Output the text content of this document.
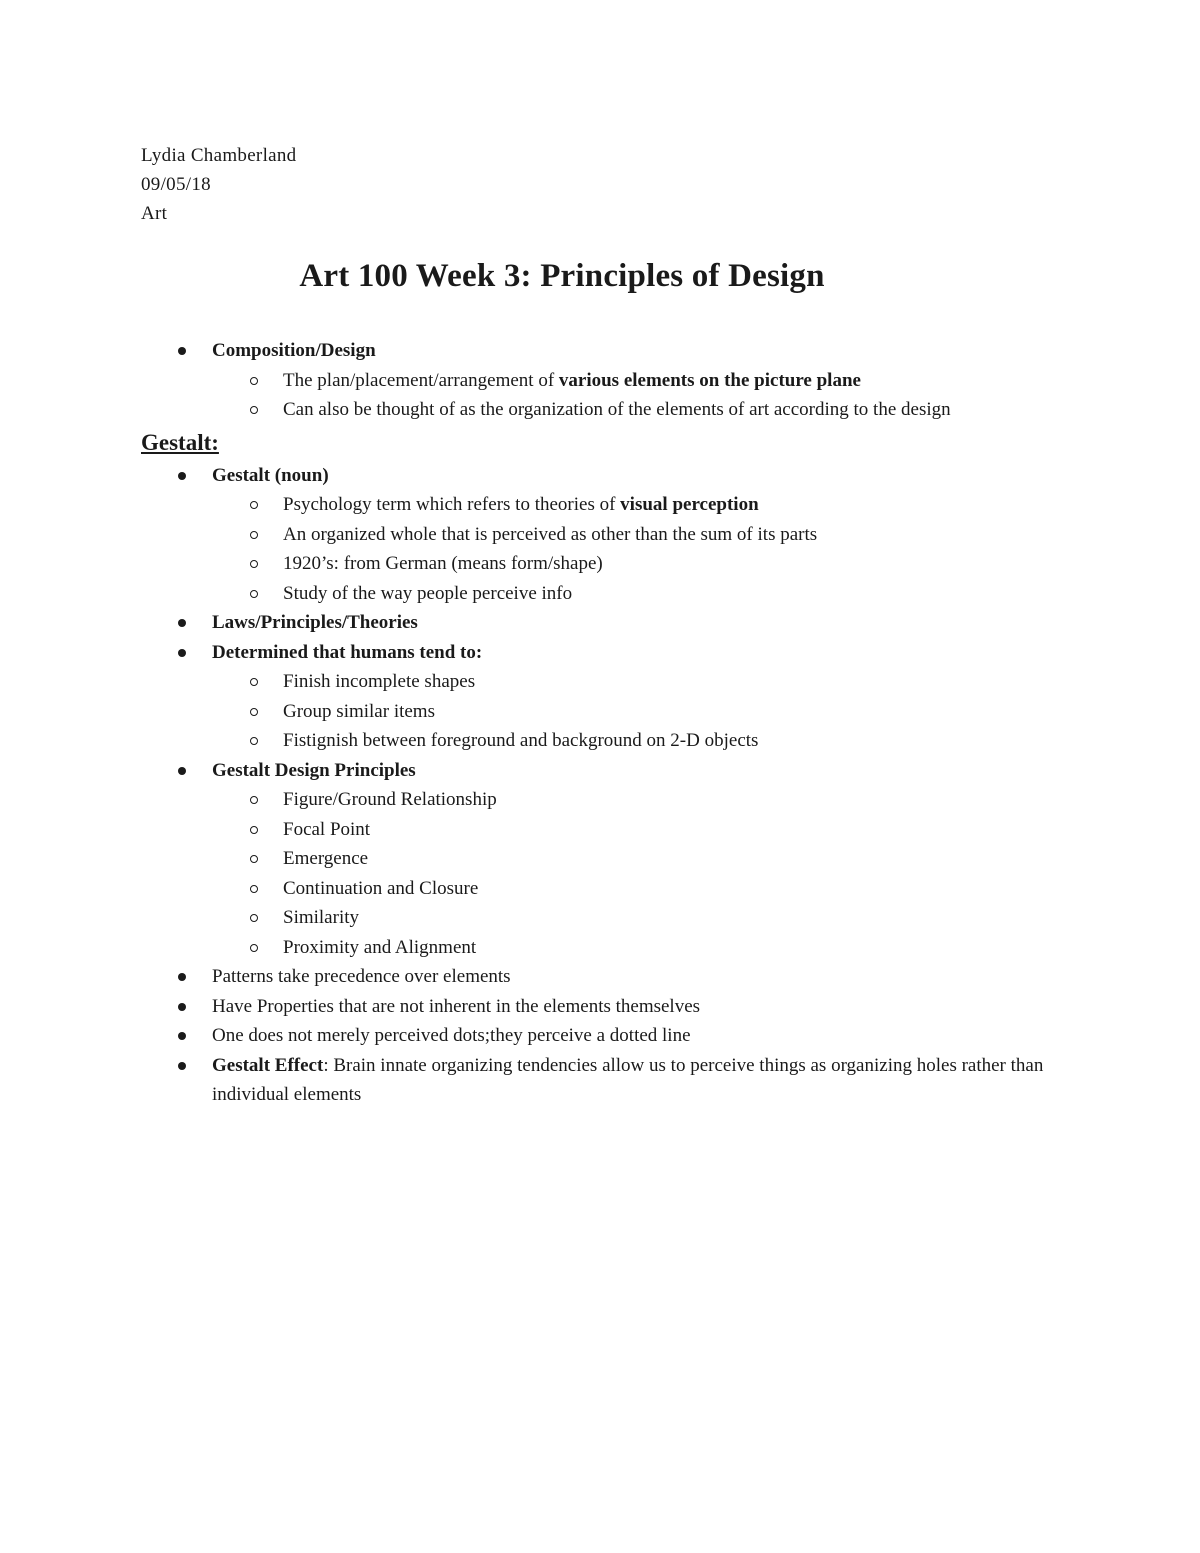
Lydia Chamberland
09/05/18
Art
Art 100 Week 3: Principles of Design
Composition/Design
The plan/placement/arrangement of various elements on the picture plane
Can also be thought of as the organization of the elements of art according to the design
Gestalt:
Gestalt (noun)
Psychology term which refers to theories of visual perception
An organized whole that is perceived as other than the sum of its parts
1920’s: from German (means form/shape)
Study of the way people perceive info
Laws/Principles/Theories
Determined that humans tend to:
Finish incomplete shapes
Group similar items
Fistignish between foreground and background on 2-D objects
Gestalt Design Principles
Figure/Ground Relationship
Focal Point
Emergence
Continuation and Closure
Similarity
Proximity and Alignment
Patterns take precedence over elements
Have Properties that are not inherent in the elements themselves
One does not merely perceived dots;they perceive a dotted line
Gestalt Effect: Brain innate organizing tendencies allow us to perceive things as organizing holes rather than individual elements
